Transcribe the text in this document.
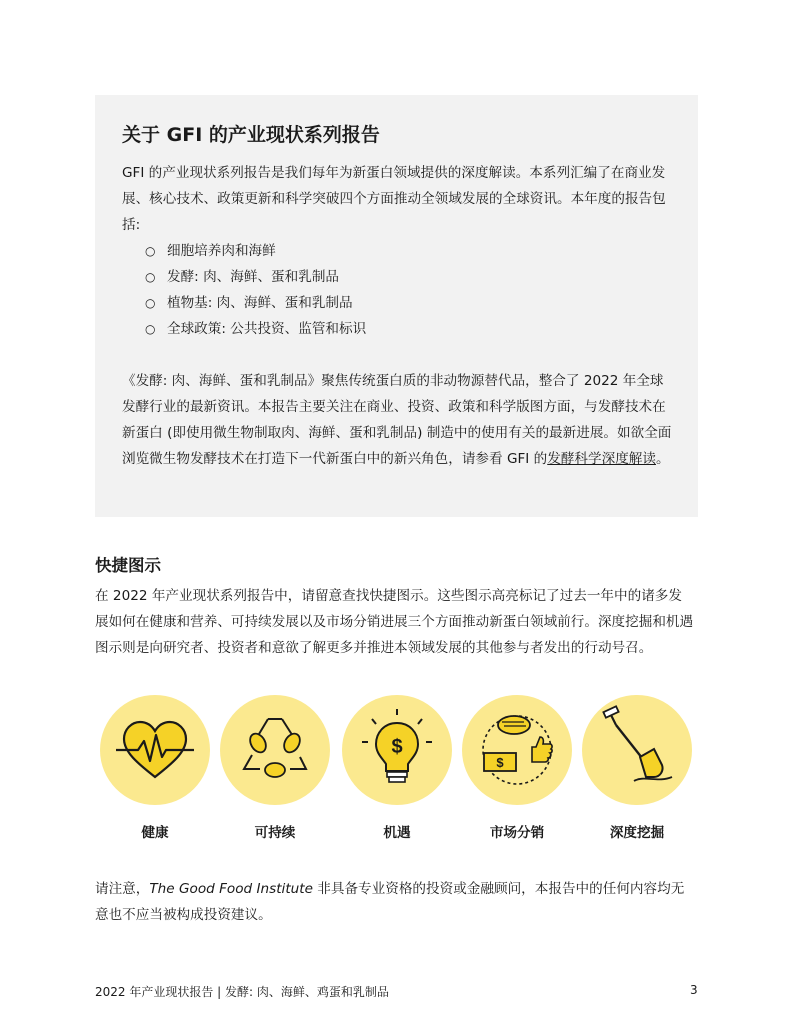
关于 GFI 的产业现状系列报告

GFI 的产业现状系列报告是我们每年为新蛋白领域提供的深度解读。本系列汇编了在商业发展、核心技术、政策更新和科学突破四个方面推动全领域发展的全球资讯。本年度的报告包括:

○ 细胞培养肉和海鲜
○ 发酵: 肉、海鲜、蛋和乳制品
○ 植物基: 肉、海鲜、蛋和乳制品
○ 全球政策: 公共投资、监管和标识

《发酵: 肉、海鲜、蛋和乳制品》聚焦传统蛋白质的非动物源替代品，整合了 2022 年全球发酵行业的最新资讯。本报告主要关注在商业、投资、政策和科学版图方面，与发酵技术在新蛋白 (即使用微生物制取肉、海鲜、蛋和乳制品) 制造中的使用有关的最新进展。如欲全面浏览微生物发酵技术在打造下一代新蛋白中的新兴角色，请参看 GFI 的发酵科学深度解读。

快捷图示

在 2022 年产业现状系列报告中，请留意查找快捷图示。这些图示高亮标记了过去一年中的诸多发展如何在健康和营养、可持续发展以及市场分销进展三个方面推动新蛋白领域前行。深度挖掘和机遇图示则是向研究者、投资者和意欲了解更多并推进本领域发展的其他参与者发出的行动号召。

健康	可持续
$
机遇
$
市场分销	深度挖掘

请注意，The Good Food Institute 非具备专业资格的投资或金融顾问，本报告中的任何内容均无意也不应当被构成投资建议。

2022 年产业现状报告 | 发酵: 肉、海鲜、鸡蛋和乳制品	3
